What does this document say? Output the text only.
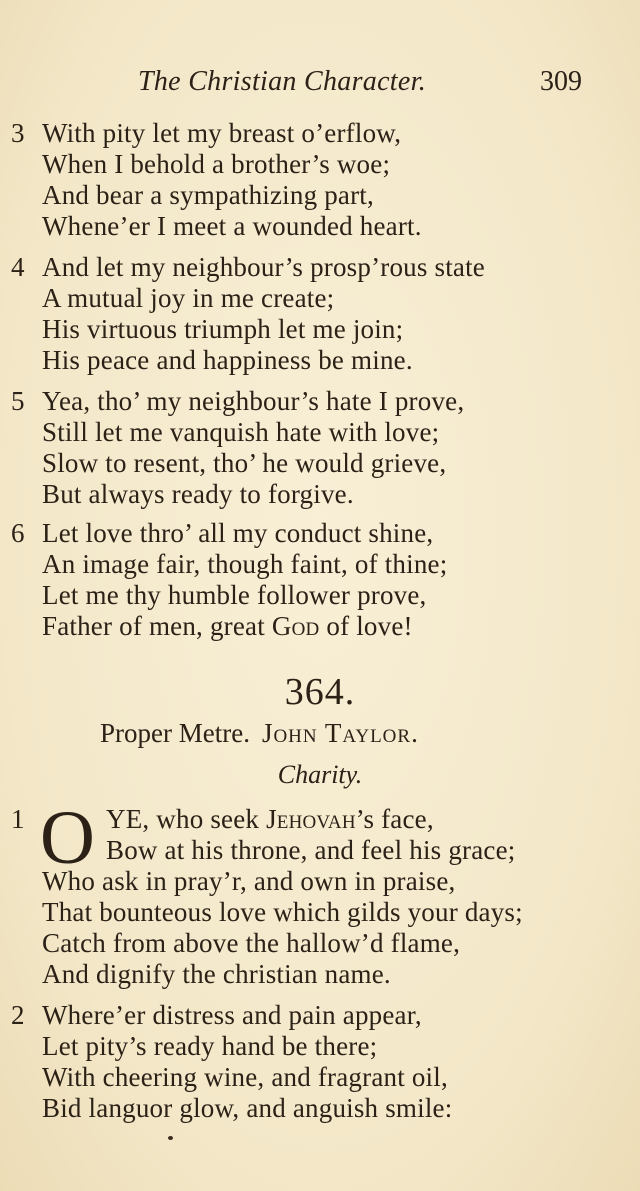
The Christian Character.	309
3 With pity let my breast o’erflow,
When I behold a brother’s woe;
And bear a sympathizing part,
Whene’er I meet a wounded heart.
4 And let my neighbour’s prosp’rous state
A mutual joy in me create;
His virtuous triumph let me join;
His peace and happiness be mine.
5 Yea, tho’ my neighbour’s hate I prove,
Still let me vanquish hate with love;
Slow to resent, tho’ he would grieve,
But always ready to forgive.
6 Let love thro’ all my conduct shine,
An image fair, though faint, of thine;
Let me thy humble follower prove,
Father of men, great God of love!
364.
Proper Metre. John Taylor.
Charity.
1 O YE, who seek Jehovah’s face,
Bow at his throne, and feel his grace;
Who ask in pray’r, and own in praise,
That bounteous love which gilds your days;
Catch from above the hallow’d flame,
And dignify the christian name.
2 Where’er distress and pain appear,
Let pity’s ready hand be there;
With cheering wine, and fragrant oil,
Bid languor glow, and anguish smile:
